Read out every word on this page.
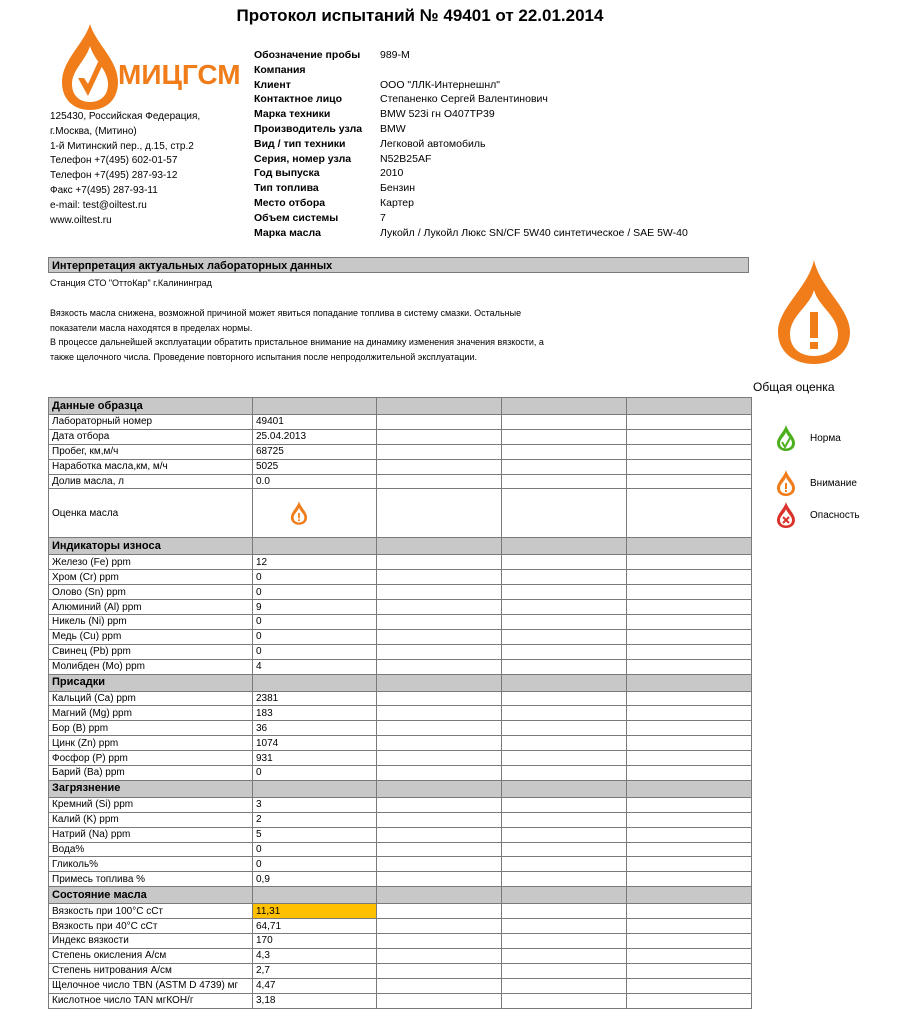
Протокол испытаний № 49401 от 22.01.2014
МИЦГСМ
125430, Российская Федерация,
г.Москва, (Митино)
1-й Митинский пер., д.15, стр.2
Телефон +7(495) 602-01-57
Телефон +7(495) 287-93-12
Факс +7(495) 287-93-11
e-mail: test@oiltest.ru
www.oiltest.ru
Обозначение пробы	989-М
Компания
Клиент	ООО "ЛЛК-Интернешнл"
Контактное лицо	Степаненко Сергей Валентинович
Марка техники	BMW 523i гн О407ТР39
Производитель узла	BMW
Вид / тип техники	Легковой автомобиль
Серия, номер узла	N52B25AF
Год выпуска	2010
Тип топлива	Бензин
Место отбора	Картер
Объем системы	7
Марка масла	Лукойл / Лукойл Люкс SN/CF 5W40 синтетическое / SAE 5W-40
Интерпретация актуальных лабораторных данных
Станция СТО "ОттоКар" г.Калининград
Вязкость масла снижена, возможной причиной может явиться попадание топлива в систему смазки. Остальные
показатели масла находятся в пределах нормы.
В процессе дальнейшей эксплуатации обратить пристальное внимание на динамику изменения значения вязкости, а
также щелочного числа. Проведение повторного испытания после непродолжительной эксплуатации.
Общая оценка
Норма
Внимание
Опасность
Данные образца				
Лабораторный номер	49401			
Дата отбора	25.04.2013			
Пробег, км,м/ч	68725			
Наработка масла,км, м/ч	5025			
Долив масла, л	0.0			
Оценка масла				
Индикаторы износа				
Железо (Fe) ppm	12			
Хром (Cr) ppm	0			
Олово (Sn) ppm	0			
Алюминий (Al) ppm	9			
Никель (Ni) ppm	0			
Медь (Cu) ppm	0			
Свинец (Pb) ppm	0			
Молибден (Mo) ppm	4			
Присадки				
Кальций (Ca) ppm	2381			
Магний (Mg) ppm	183			
Бор (B) ppm	36			
Цинк (Zn) ppm	1074			
Фосфор (P) ppm	931			
Барий (Ba) ppm	0			
Загрязнение				
Кремний (Si) ppm	3			
Калий (K) ppm	2			
Натрий (Na) ppm	5			
Вода%	0			
Гликоль%	0			
Примесь топлива %	0,9			
Состояние масла				
Вязкость при 100°С сСт	11,31			
Вязкость при 40°С сСт	64,71			
Индекс вязкости	170			
Степень окисления А/см	4,3			
Степень нитрования А/см	2,7			
Щелочное число TBN (ASTM D 4739) мг	4,47			
Кислотное число TAN мгКОН/г	3,18			
